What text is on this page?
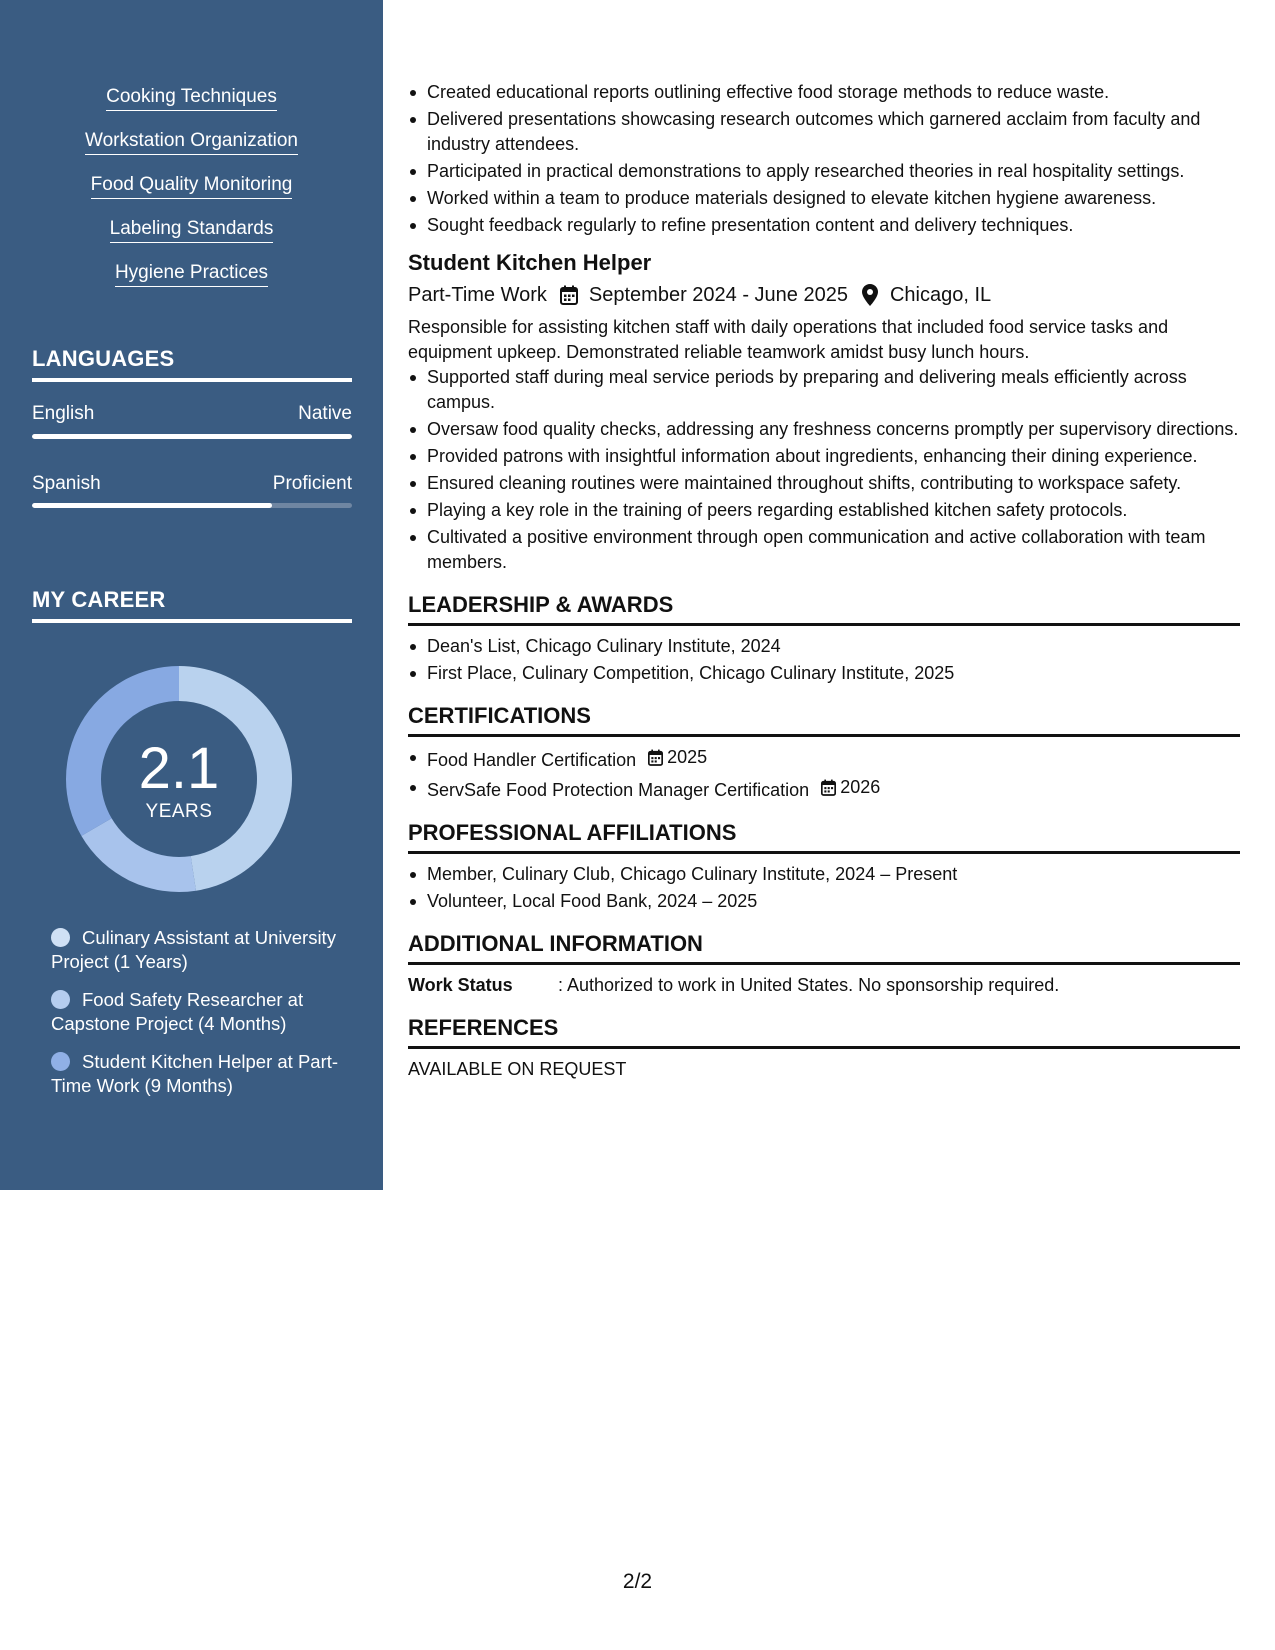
Cooking Techniques
Workstation Organization
Food Quality Monitoring
Labeling Standards
Hygiene Practices
LANGUAGES
English	Native
Spanish	Proficient
MY CAREER
2.1
YEARS
Culinary Assistant at University Project (1 Years)
Food Safety Researcher at Capstone Project (4 Months)
Student Kitchen Helper at Part-Time Work (9 Months)
Created educational reports outlining effective food storage methods to reduce waste.
Delivered presentations showcasing research outcomes which garnered acclaim from faculty and industry attendees.
Participated in practical demonstrations to apply researched theories in real hospitality settings.
Worked within a team to produce materials designed to elevate kitchen hygiene awareness.
Sought feedback regularly to refine presentation content and delivery techniques.
Student Kitchen Helper
Part-Time Work September 2024 - June 2025 Chicago, IL
Responsible for assisting kitchen staff with daily operations that included food service tasks and equipment upkeep. Demonstrated reliable teamwork amidst busy lunch hours.
Supported staff during meal service periods by preparing and delivering meals efficiently across campus.
Oversaw food quality checks, addressing any freshness concerns promptly per supervisory directions.
Provided patrons with insightful information about ingredients, enhancing their dining experience.
Ensured cleaning routines were maintained throughout shifts, contributing to workspace safety.
Playing a key role in the training of peers regarding established kitchen safety protocols.
Cultivated a positive environment through open communication and active collaboration with team members.
LEADERSHIP & AWARDS
Dean's List, Chicago Culinary Institute, 2024
First Place, Culinary Competition, Chicago Culinary Institute, 2025
CERTIFICATIONS
Food Handler Certification 2025
ServSafe Food Protection Manager Certification 2026
PROFESSIONAL AFFILIATIONS
Member, Culinary Club, Chicago Culinary Institute, 2024 – Present
Volunteer, Local Food Bank, 2024 – 2025
ADDITIONAL INFORMATION
Work Status	: Authorized to work in United States. No sponsorship required.
REFERENCES
AVAILABLE ON REQUEST
2/2
